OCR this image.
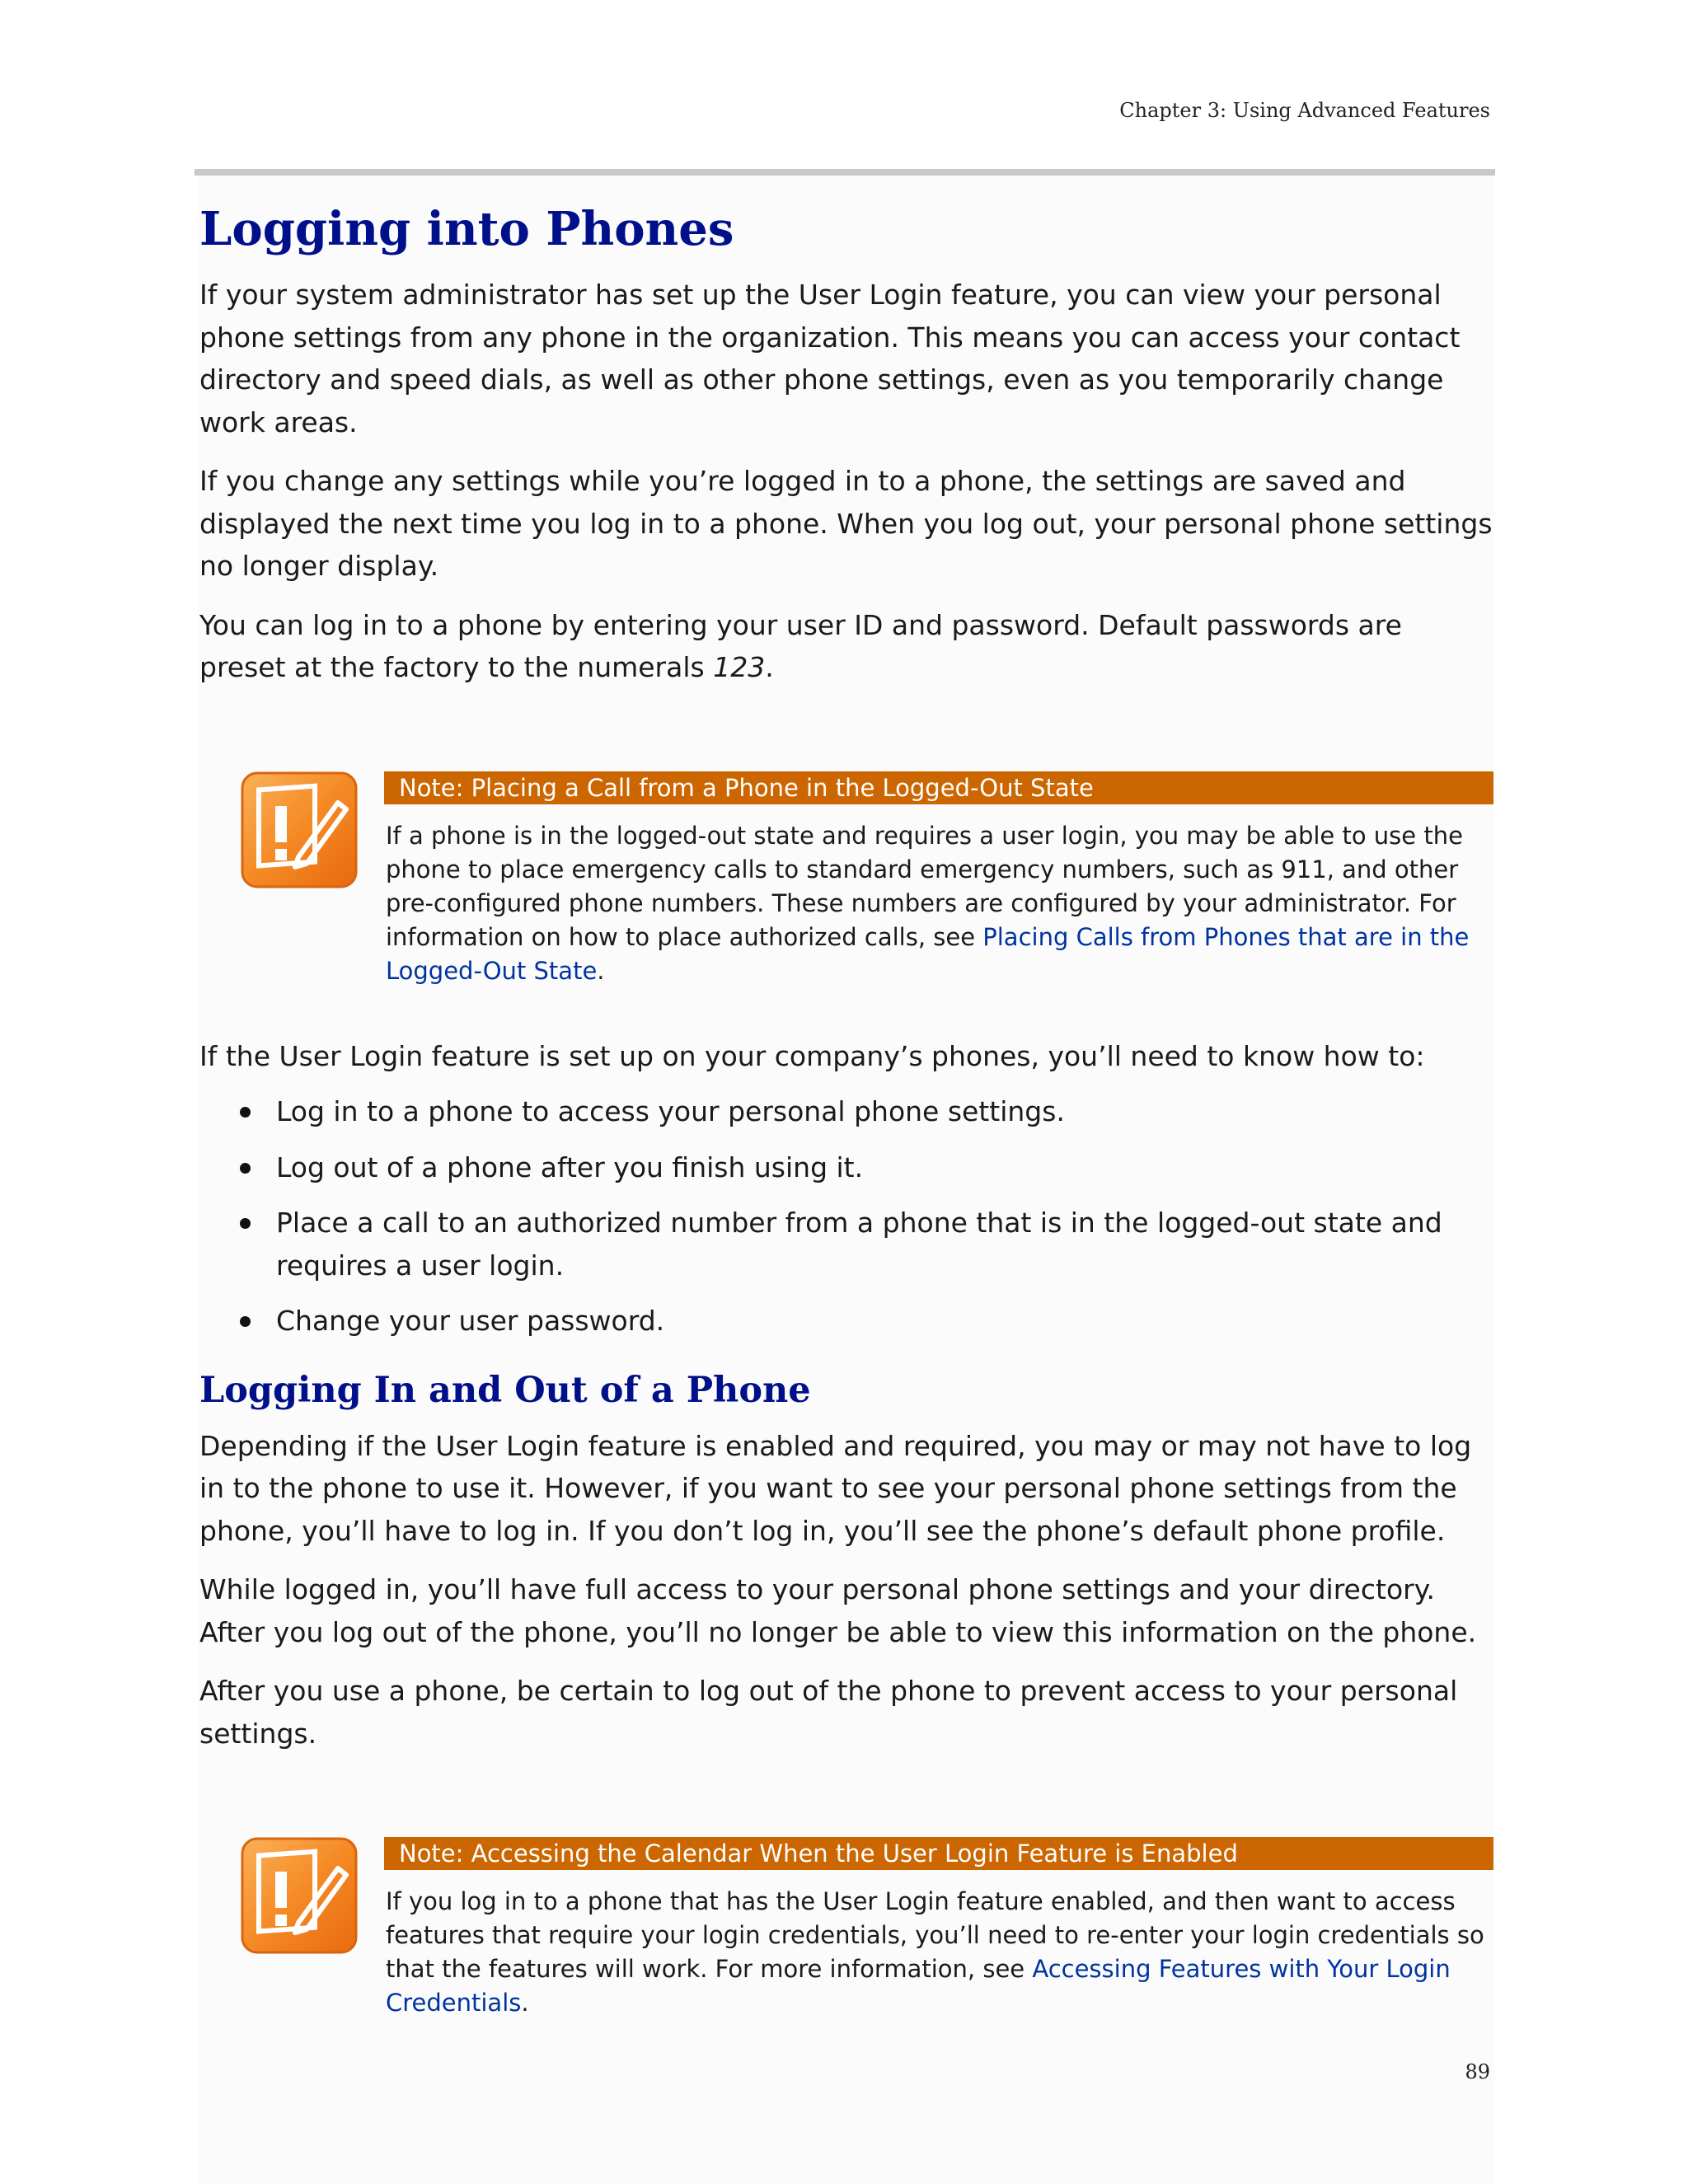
Chapter 3: Using Advanced Features
Logging into Phones

If your system administrator has set up the User Login feature, you can view your personal phone settings from any phone in the organization. This means you can access your contact directory and speed dials, as well as other phone settings, even as you temporarily change work areas.

If you change any settings while you’re logged in to a phone, the settings are saved and displayed the next time you log in to a phone. When you log out, your personal phone settings no longer display.

You can log in to a phone by entering your user ID and password. Default passwords are preset at the factory to the numerals 123.

Note: Placing a Call from a Phone in the Logged-Out State
If a phone is in the logged-out state and requires a user login, you may be able to use the phone to place emergency calls to standard emergency numbers, such as 911, and other pre-configured phone numbers. These numbers are configured by your administrator. For information on how to place authorized calls, see Placing Calls from Phones that are in the Logged-Out State.

If the User Login feature is set up on your company’s phones, you’ll need to know how to:

Log in to a phone to access your personal phone settings.
Log out of a phone after you finish using it.
Place a call to an authorized number from a phone that is in the logged-out state and requires a user login.
Change your user password.
Logging In and Out of a Phone

Depending if the User Login feature is enabled and required, you may or may not have to log in to the phone to use it. However, if you want to see your personal phone settings from the phone, you’ll have to log in. If you don’t log in, you’ll see the phone’s default phone profile.

While logged in, you’ll have full access to your personal phone settings and your directory. After you log out of the phone, you’ll no longer be able to view this information on the phone.

After you use a phone, be certain to log out of the phone to prevent access to your personal settings.

Note: Accessing the Calendar When the User Login Feature is Enabled
If you log in to a phone that has the User Login feature enabled, and then want to access features that require your login credentials, you’ll need to re-enter your login credentials so that the features will work. For more information, see Accessing Features with Your Login Credentials.
89
